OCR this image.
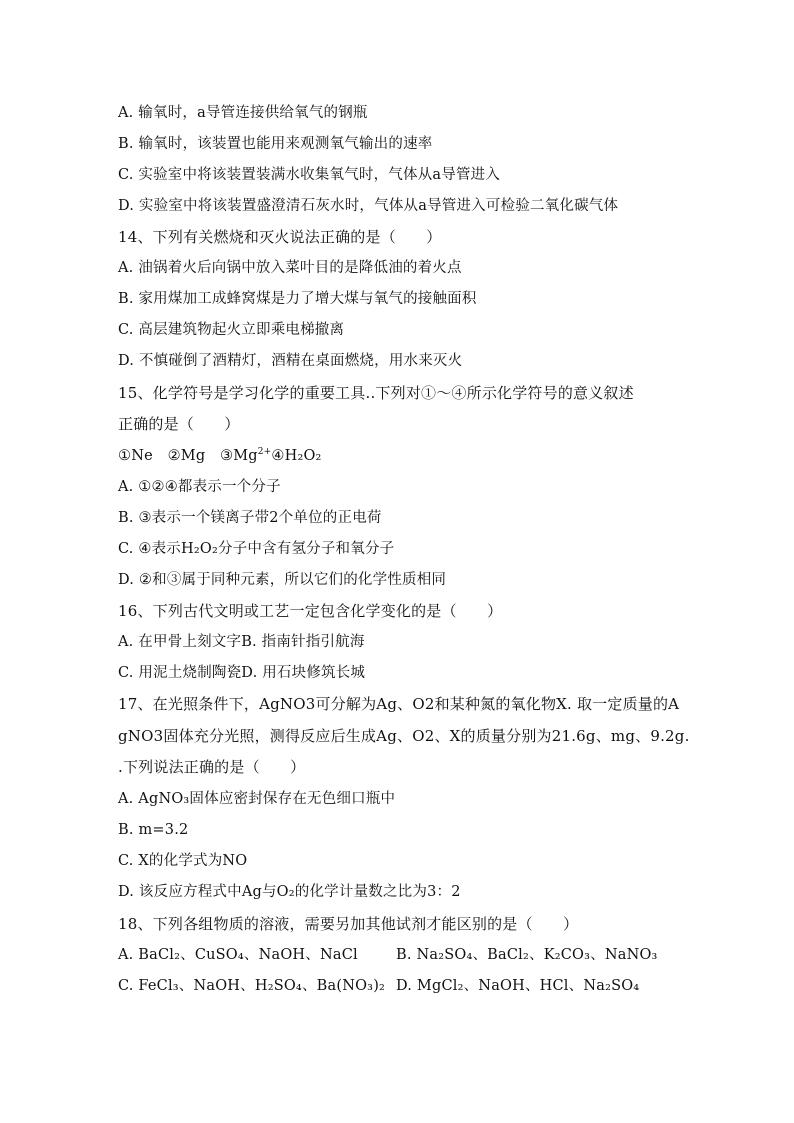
A. 输氧时，a导管连接供给氧气的钢瓶
B. 输氧时，该装置也能用来观测氧气输出的速率
C. 实验室中将该装置装满水收集氧气时，气体从a导管进入
D. 实验室中将该装置盛澄清石灰水时，气体从a导管进入可检验二氧化碳气体
14、下列有关燃烧和灭火说法正确的是（　　）
A. 油锅着火后向锅中放入菜叶目的是降低油的着火点
B. 家用煤加工成蜂窝煤是力了增大煤与氧气的接触面积
C. 高层建筑物起火立即乘电梯撤离
D. 不慎碰倒了酒精灯，酒精在桌面燃烧，用水来灭火
15、化学符号是学习化学的重要工具..下列对①～④所示化学符号的意义叙述
正确的是（　　）
①Ne　②Mg　$③Mg^{2+}④H_2O_2$
A. ①②④都表示一个分子
B. ③表示一个镁离子带2个单位的正电荷
C. ④表示H₂O₂分子中含有氢分子和氧分子
D. ②和③属于同种元素，所以它们的化学性质相同
16、下列古代文明或工艺一定包含化学变化的是（　　）
A. 在甲骨上刻文字B. 指南针指引航海
C. 用泥土烧制陶瓷D. 用石块修筑长城
17、在光照条件下，AgNO3可分解为Ag、O2和某种氮的氧化物X. 取一定质量的A
gNO3固体充分光照，测得反应后生成Ag、O2、X的质量分别为21.6g、mg、9.2g.
.下列说法正确的是（　　）
A. AgNO₃固体应密封保存在无色细口瓶中
B. m=3.2
C. X的化学式为NO
D. 该反应方程式中Ag与O₂的化学计量数之比为3：2
18、下列各组物质的溶液，需要另加其他试剂才能区别的是（　　）
A. BaCl₂、CuSO₄、NaOH、NaCl	B. Na₂SO₄、BaCl₂、K₂CO₃、NaNO₃
C. FeCl₃、NaOH、H₂SO₄、Ba(NO₃)₂ D. MgCl₂、NaOH、HCl、Na₂SO₄
